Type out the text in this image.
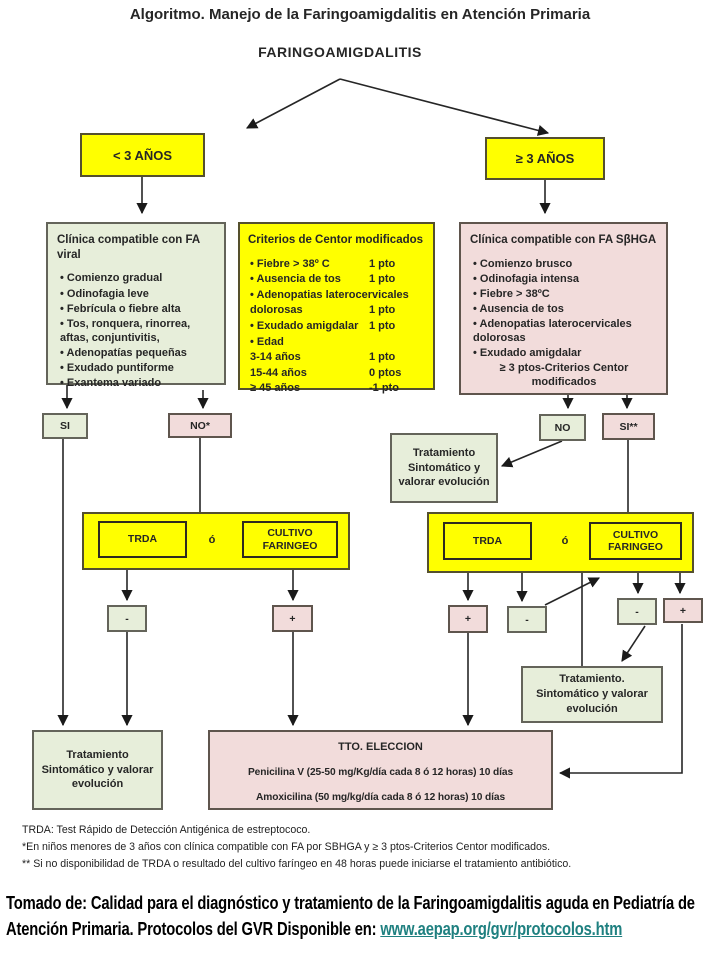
Algoritmo. Manejo de la Faringoamigdalitis en Atención Primaria
FARINGOAMIGDALITIS
< 3 AÑOS	≥ 3 AÑOS
Clínica compatible con FA viral
• Comienzo gradual
• Odinofagia leve
• Febrícula o fiebre alta
• Tos, ronquera, rinorrea, aftas, conjuntivitis,
• Adenopatías pequeñas
• Exudado puntiforme
• Exantema variado
Criterios de Centor modificados
• Fiebre > 38º C	1 pto
• Ausencia de tos	1 pto
• Adenopatias laterocervicales
dolorosas	1 pto
• Exudado amigdalar 1 pto
• Edad
3-14 años	1 pto
15-44 años	0 ptos
≥ 45 años	-1 pto
Clínica compatible con FA SβHGA
• Comienzo brusco
• Odinofagia intensa
• Fiebre > 38ºC
• Ausencia de tos
• Adenopatias laterocervicales dolorosas
• Exudado amigdalar
≥ 3 ptos-Criterios Centor modificados
SI	NO*	NO	SI**
Tratamiento Sintomático y valorar evolución
TRDA	ó
CULTIVO FARINGEO	TRDA	ó
CULTIVO FARINGEO
-	+	+	-
-	+
Tratamiento. Sintomático y valorar evolución
Tratamiento Sintomático y valorar evolución
TTO. ELECCION
Penicilina V (25-50 mg/Kg/día cada 8 ó 12 horas) 10 días
Amoxicilina (50 mg/kg/día cada 8 ó 12 horas) 10 días
TRDA: Test Rápido de Detección Antigénica de estreptococo.
*En niños menores de 3 años con clínica compatible con FA por SBHGA y ≥ 3 ptos-Criterios Centor modificados.
** Si no disponibilidad de TRDA o resultado del cultivo faríngeo en 48 horas puede iniciarse el tratamiento antibiótico.
Tomado de: Calidad para el diagnóstico y tratamiento de la Faringoamigdalitis aguda en Pediatría de Atención Primaria. Protocolos del GVR Disponible en: www.aepap.org/gvr/protocolos.htm
